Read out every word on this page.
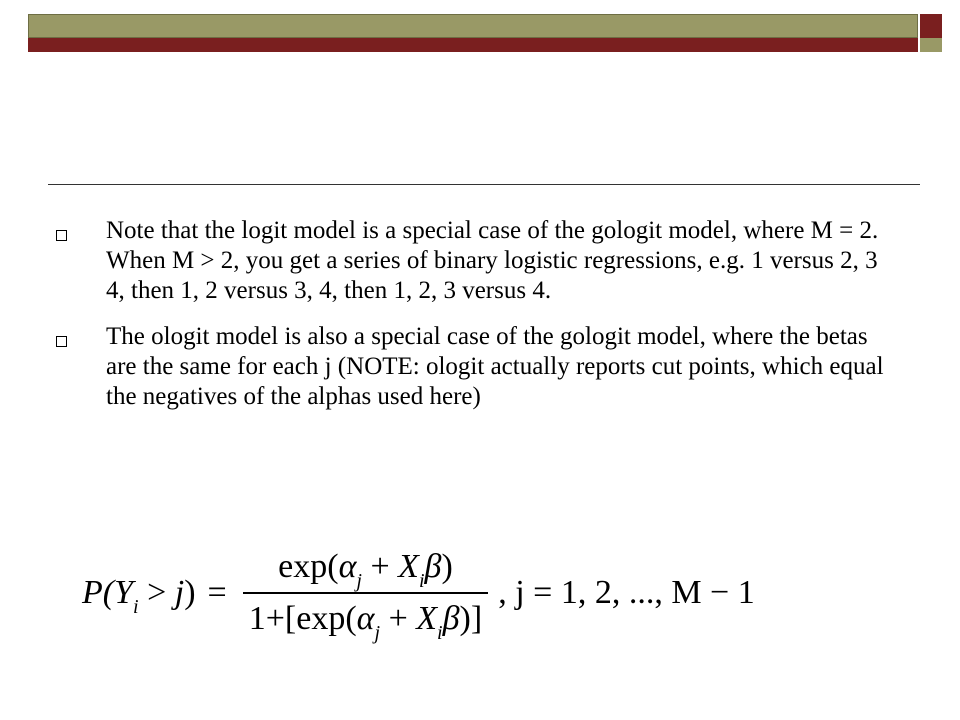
Note that the logit model is a special case of the gologit model, where M = 2. When M > 2, you get a series of binary logistic regressions, e.g. 1 versus 2, 3 4, then 1, 2 versus 3, 4, then 1, 2, 3 versus 4.
The ologit model is also a special case of the gologit model, where the betas are the same for each j (NOTE: ologit actually reports cut points, which equal the negatives of the alphas used here)
$P(Y_i > j) = \frac{\exp(\alpha_j + X_i\beta)}{1+[\exp(\alpha_j + X_i\beta)]}$ , j = 1, 2, ..., M − 1
